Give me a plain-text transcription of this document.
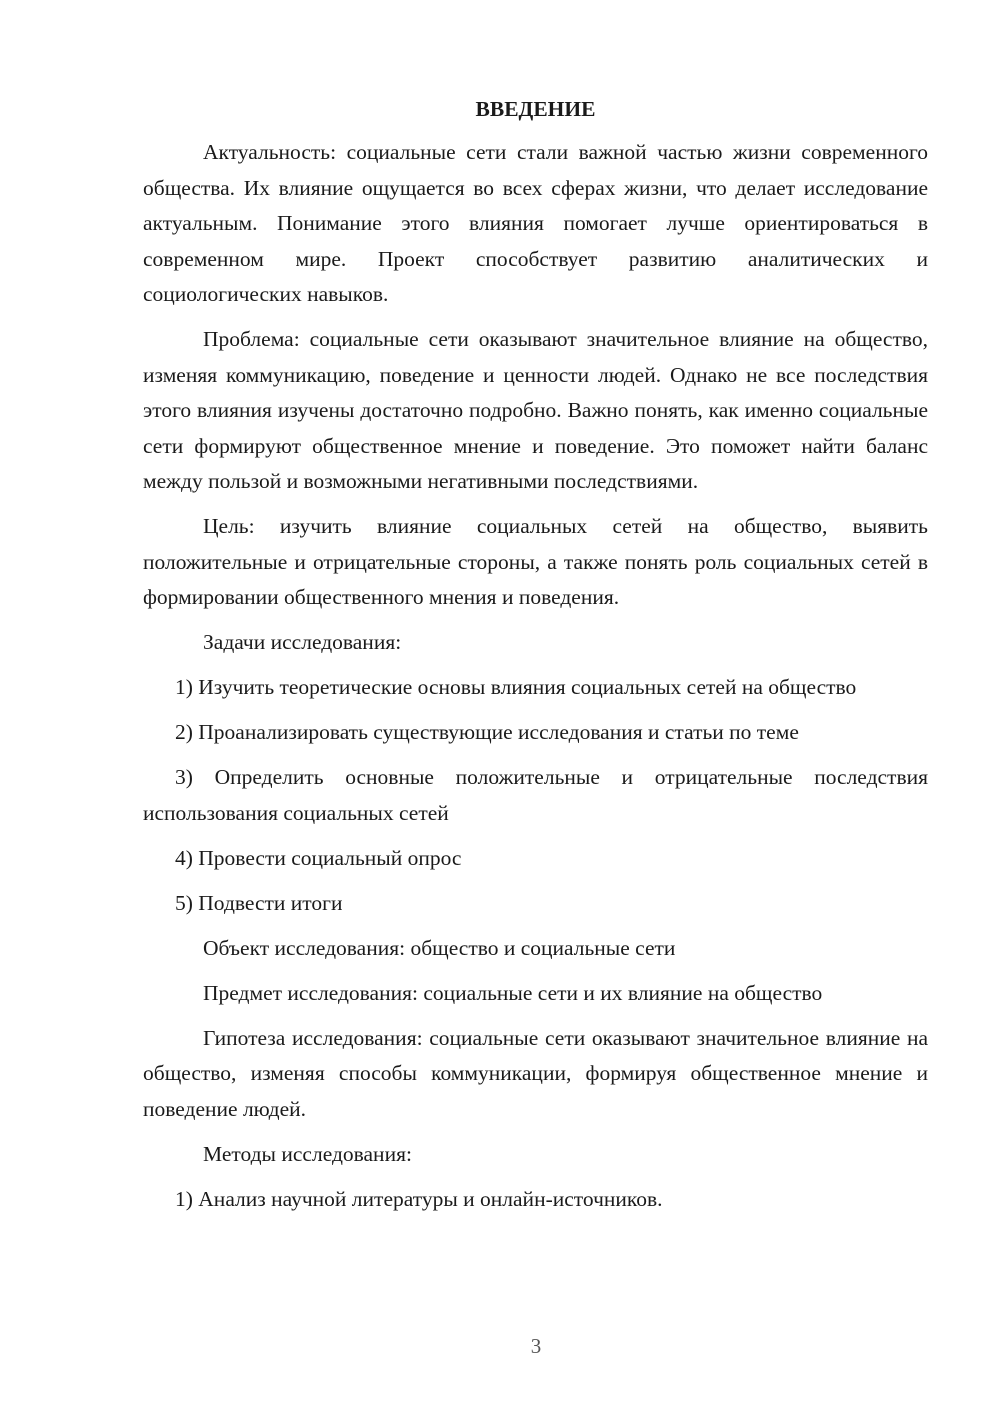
ВВЕДЕНИЕ

Актуальность: социальные сети стали важной частью жизни современного общества. Их влияние ощущается во всех сферах жизни, что делает исследование актуальным. Понимание этого влияния помогает лучше ориентироваться в современном мире. Проект способствует развитию аналитических и социологических навыков.

Проблема: социальные сети оказывают значительное влияние на общество, изменяя коммуникацию, поведение и ценности людей. Однако не все последствия этого влияния изучены достаточно подробно. Важно понять, как именно социальные сети формируют общественное мнение и поведение. Это поможет найти баланс между пользой и возможными негативными последствиями.

Цель: изучить влияние социальных сетей на общество, выявить положительные и отрицательные стороны, а также понять роль социальных сетей в формировании общественного мнения и поведения.

Задачи исследования:

1) Изучить теоретические основы влияния социальных сетей на общество

2) Проанализировать существующие исследования и статьи по теме

3) Определить основные положительные и отрицательные последствия использования социальных сетей

4) Провести социальный опрос

5) Подвести итоги

Объект исследования: общество и социальные сети

Предмет исследования: социальные сети и их влияние на общество

Гипотеза исследования: социальные сети оказывают значительное влияние на общество, изменяя способы коммуникации, формируя общественное мнение и поведение людей.

Методы исследования:

1) Анализ научной литературы и онлайн-источников.

3
